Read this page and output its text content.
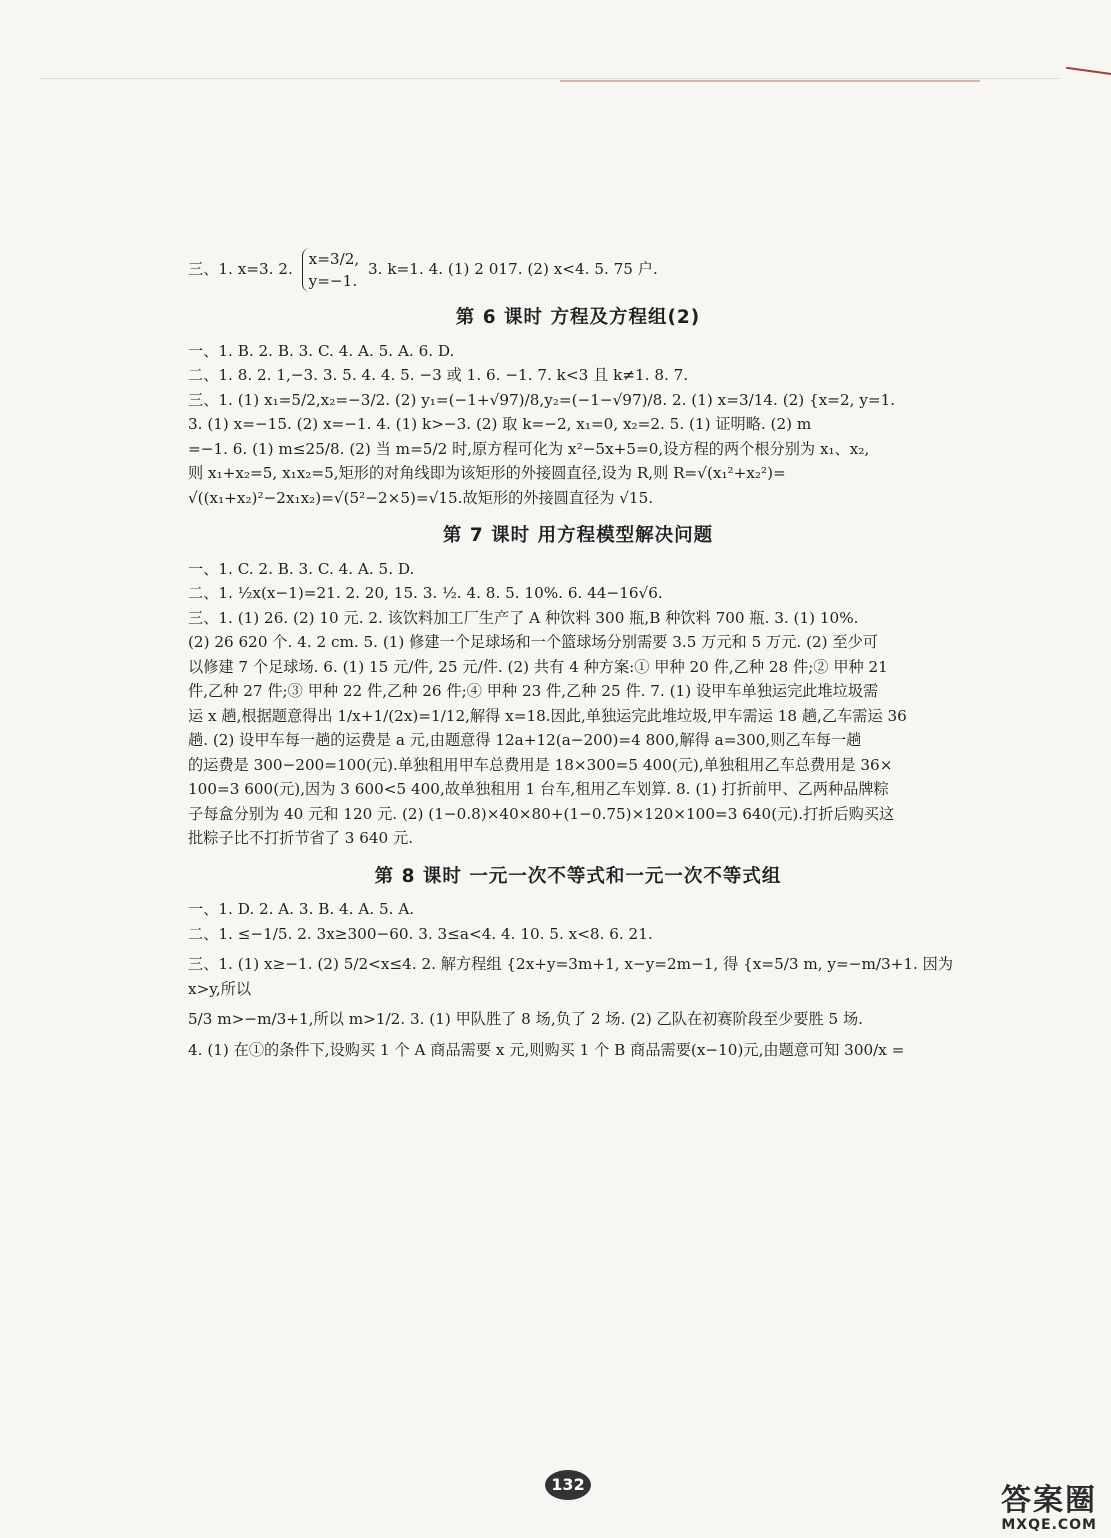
三、1. x=3. 2.
x=3/2,
y=−1.
3. k=1. 4. (1) 2 017. (2) x<4. 5. 75 户.
第 6 课时 方程及方程组(2)

一、1. B. 2. B. 3. C. 4. A. 5. A. 6. D.

二、1. 8. 2. 1,−3. 3. 5. 4. 4. 5. −3 或 1. 6. −1. 7. k<3 且 k≠1. 8. 7.

三、1. (1) x₁=5/2,x₂=−3/2. (2) y₁=(−1+√97)/8,y₂=(−1−√97)/8. 2. (1) x=3/14. (2) {x=2, y=1.

3. (1) x=−15. (2) x=−1. 4. (1) k>−3. (2) 取 k=−2, x₁=0, x₂=2. 5. (1) 证明略. (2) m

=−1. 6. (1) m≤25/8. (2) 当 m=5/2 时,原方程可化为 x²−5x+5=0,设方程的两个根分别为 x₁、x₂,

则 x₁+x₂=5, x₁x₂=5,矩形的对角线即为该矩形的外接圆直径,设为 R,则 R=√(x₁²+x₂²)=

√((x₁+x₂)²−2x₁x₂)=√(5²−2×5)=√15.故矩形的外接圆直径为 √15.

第 7 课时 用方程模型解决问题

一、1. C. 2. B. 3. C. 4. A. 5. D.

二、1. ½x(x−1)=21. 2. 20, 15. 3. ½. 4. 8. 5. 10%. 6. 44−16√6.

三、1. (1) 26. (2) 10 元. 2. 该饮料加工厂生产了 A 种饮料 300 瓶,B 种饮料 700 瓶. 3. (1) 10%.

(2) 26 620 个. 4. 2 cm. 5. (1) 修建一个足球场和一个篮球场分别需要 3.5 万元和 5 万元. (2) 至少可

以修建 7 个足球场. 6. (1) 15 元/件, 25 元/件. (2) 共有 4 种方案:① 甲种 20 件,乙种 28 件;② 甲种 21

件,乙种 27 件;③ 甲种 22 件,乙种 26 件;④ 甲种 23 件,乙种 25 件. 7. (1) 设甲车单独运完此堆垃圾需

运 x 趟,根据题意得出 1/x+1/(2x)=1/12,解得 x=18.因此,单独运完此堆垃圾,甲车需运 18 趟,乙车需运 36

趟. (2) 设甲车每一趟的运费是 a 元,由题意得 12a+12(a−200)=4 800,解得 a=300,则乙车每一趟

的运费是 300−200=100(元).单独租用甲车总费用是 18×300=5 400(元),单独租用乙车总费用是 36×

100=3 600(元),因为 3 600<5 400,故单独租用 1 台车,租用乙车划算. 8. (1) 打折前甲、乙两种品牌粽

子每盒分别为 40 元和 120 元. (2) (1−0.8)×40×80+(1−0.75)×120×100=3 640(元).打折后购买这

批粽子比不打折节省了 3 640 元.

第 8 课时 一元一次不等式和一元一次不等式组

一、1. D. 2. A. 3. B. 4. A. 5. A.

二、1. ≤−1/5. 2. 3x≥300−60. 3. 3≤a<4. 4. 10. 5. x<8. 6. 21.

三、1. (1) x≥−1. (2) 5/2<x≤4. 2. 解方程组 {2x+y=3m+1, x−y=2m−1, 得 {x=5/3 m, y=−m/3+1. 因为 x>y,所以

5/3 m>−m/3+1,所以 m>1/2. 3. (1) 甲队胜了 8 场,负了 2 场. (2) 乙队在初赛阶段至少要胜 5 场.

4. (1) 在①的条件下,设购买 1 个 A 商品需要 x 元,则购买 1 个 B 商品需要(x−10)元,由题意可知 300/x =

132	答案圈
MXQE.COM
